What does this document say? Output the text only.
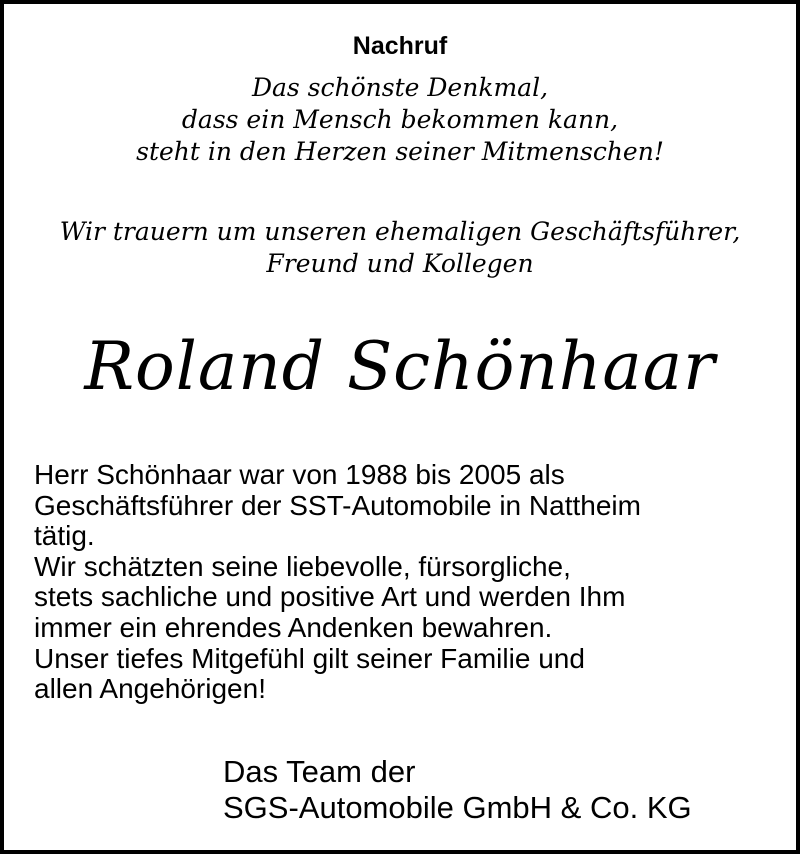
Nachruf
Das schönste Denkmal,
dass ein Mensch bekommen kann,
steht in den Herzen seiner Mitmenschen!
Wir trauern um unseren ehemaligen Geschäftsführer,
Freund und Kollegen
Roland Schönhaar
Herr Schönhaar war von 1988 bis 2005 als
Geschäftsführer der SST-Automobile in Nattheim
tätig.
Wir schätzten seine liebevolle, fürsorgliche,
stets sachliche und positive Art und werden Ihm
immer ein ehrendes Andenken bewahren.
Unser tiefes Mitgefühl gilt seiner Familie und
allen Angehörigen!
Das Team der
SGS-Automobile GmbH & Co. KG
